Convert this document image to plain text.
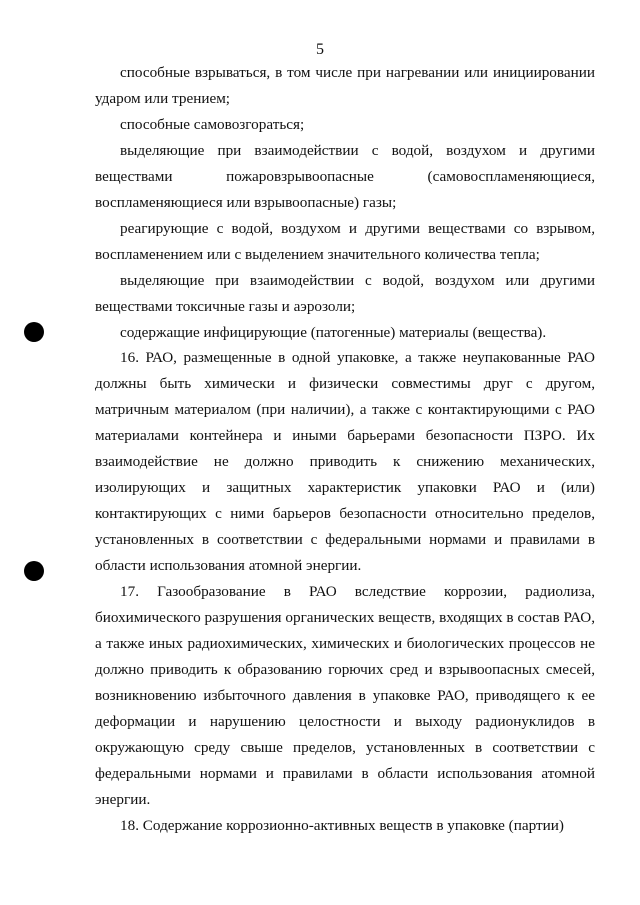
5

способные взрываться, в том числе при нагревании или инициировании ударом или трением;

способные самовозгораться;

выделяющие при взаимодействии с водой, воздухом и другими веществами пожаровзрывоопасные (самовоспламеняющиеся, воспламеняющиеся или взрывоопасные) газы;

реагирующие с водой, воздухом и другими веществами со взрывом, воспламенением или с выделением значительного количества тепла;

выделяющие при взаимодействии с водой, воздухом или другими веществами токсичные газы и аэрозоли;

содержащие инфицирующие (патогенные) материалы (вещества).

16. РАО, размещенные в одной упаковке, а также неупакованные РАО должны быть химически и физически совместимы друг с другом, матричным материалом (при наличии), а также с контактирующими с РАО материалами контейнера и иными барьерами безопасности ПЗРО. Их взаимодействие не должно приводить к снижению механических, изолирующих и защитных характеристик упаковки РАО и (или) контактирующих с ними барьеров безопасности относительно пределов, установленных в соответствии с федеральными нормами и правилами в области использования атомной энергии.

17. Газообразование в РАО вследствие коррозии, радиолиза, биохимического разрушения органических веществ, входящих в состав РАО, а также иных радиохимических, химических и биологических процессов не должно приводить к образованию горючих сред и взрывоопасных смесей, возникновению избыточного давления в упаковке РАО, приводящего к ее деформации и нарушению целостности и выходу радионуклидов в окружающую среду свыше пределов, установленных в соответствии с федеральными нормами и правилами в области использования атомной энергии.

18. Содержание коррозионно-активных веществ в упаковке (партии)
